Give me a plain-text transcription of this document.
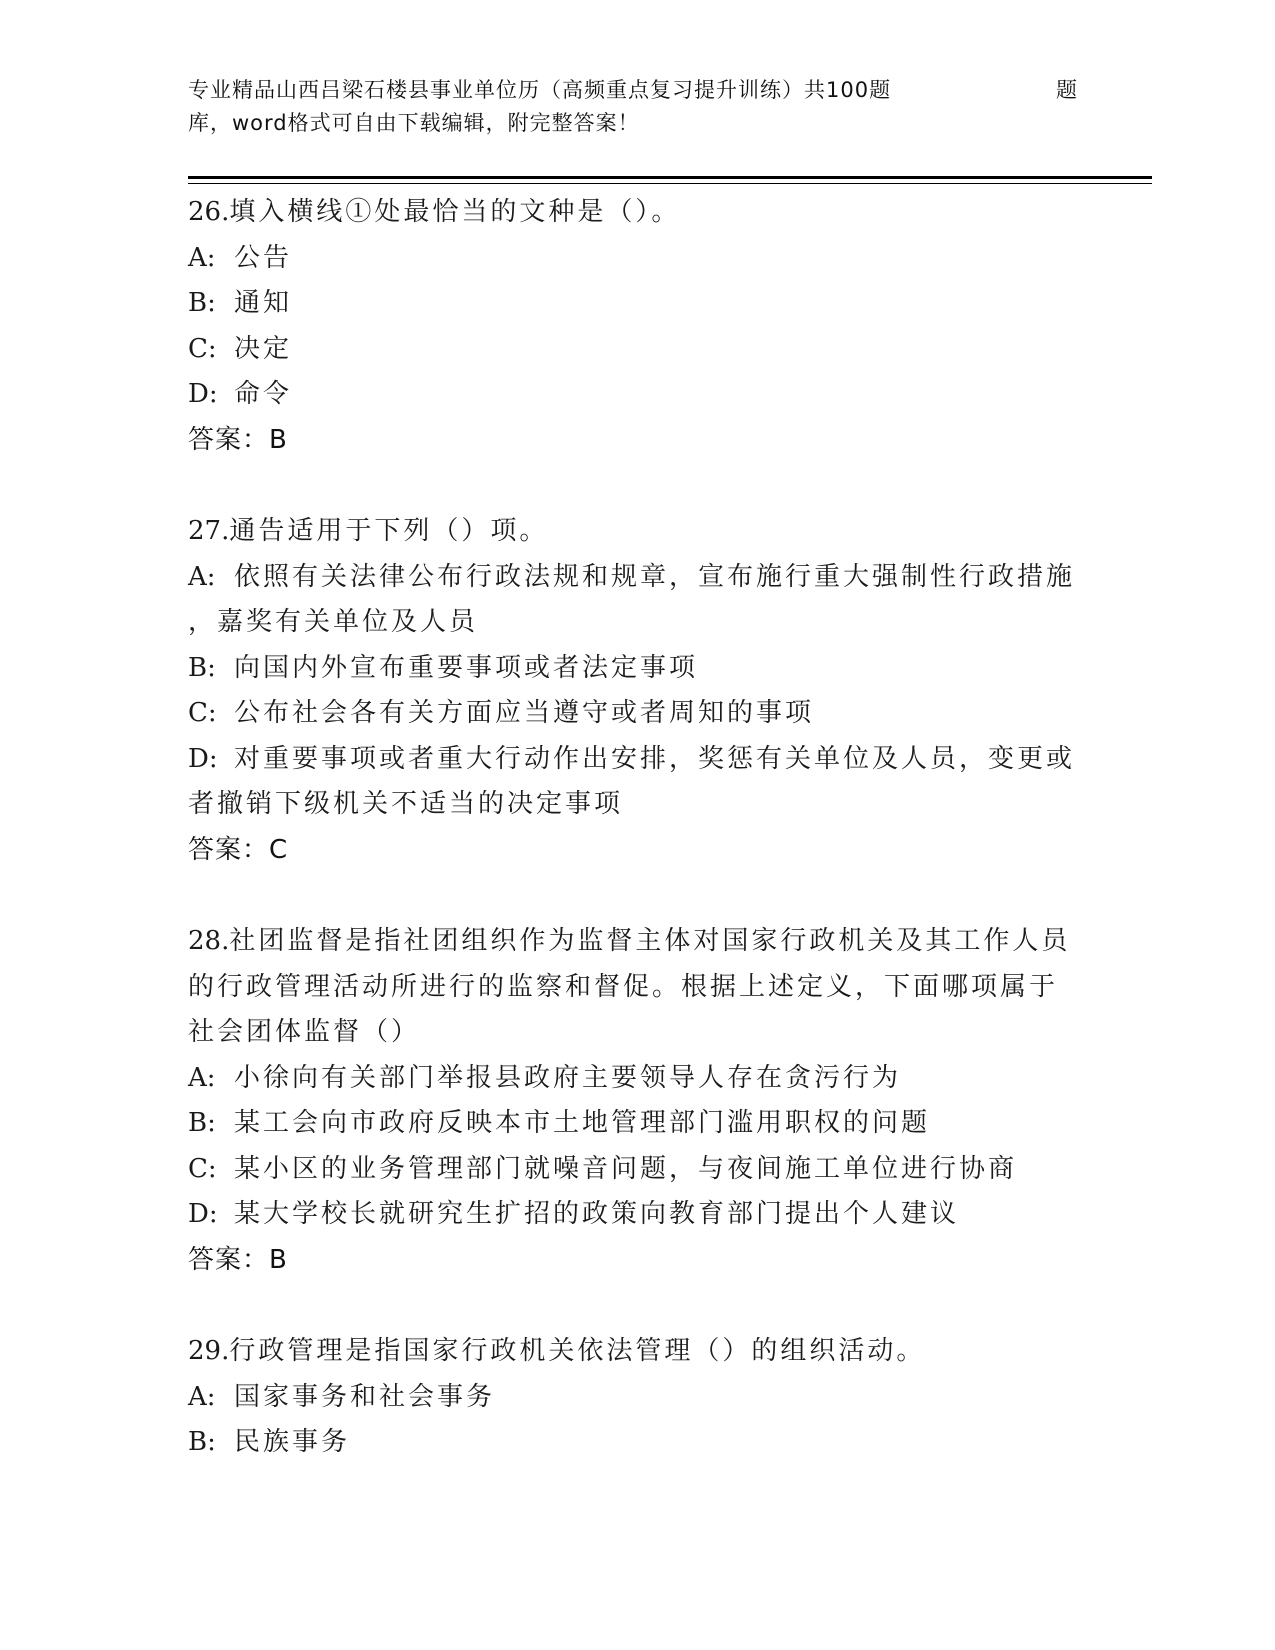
专业精品山西吕梁石楼县事业单位历（高频重点复习提升训练）共100题	题
库，word格式可自由下载编辑，附完整答案！

26.填入横线①处最恰当的文种是（）。

A: 公告

B: 通知

C: 决定

D: 命令

答案：B

27.通告适用于下列（）项。

A: 依照有关法律公布行政法规和规章，宣布施行重大强制性行政措施

，嘉奖有关单位及人员

B: 向国内外宣布重要事项或者法定事项

C: 公布社会各有关方面应当遵守或者周知的事项

D: 对重要事项或者重大行动作出安排，奖惩有关单位及人员，变更或

者撤销下级机关不适当的决定事项

答案：C

28.社团监督是指社团组织作为监督主体对国家行政机关及其工作人员

的行政管理活动所进行的监察和督促。根据上述定义，下面哪项属于

社会团体监督（）

A: 小徐向有关部门举报县政府主要领导人存在贪污行为

B: 某工会向市政府反映本市土地管理部门滥用职权的问题

C: 某小区的业务管理部门就噪音问题，与夜间施工单位进行协商

D: 某大学校长就研究生扩招的政策向教育部门提出个人建议

答案：B

29.行政管理是指国家行政机关依法管理（）的组织活动。

A: 国家事务和社会事务

B: 民族事务
